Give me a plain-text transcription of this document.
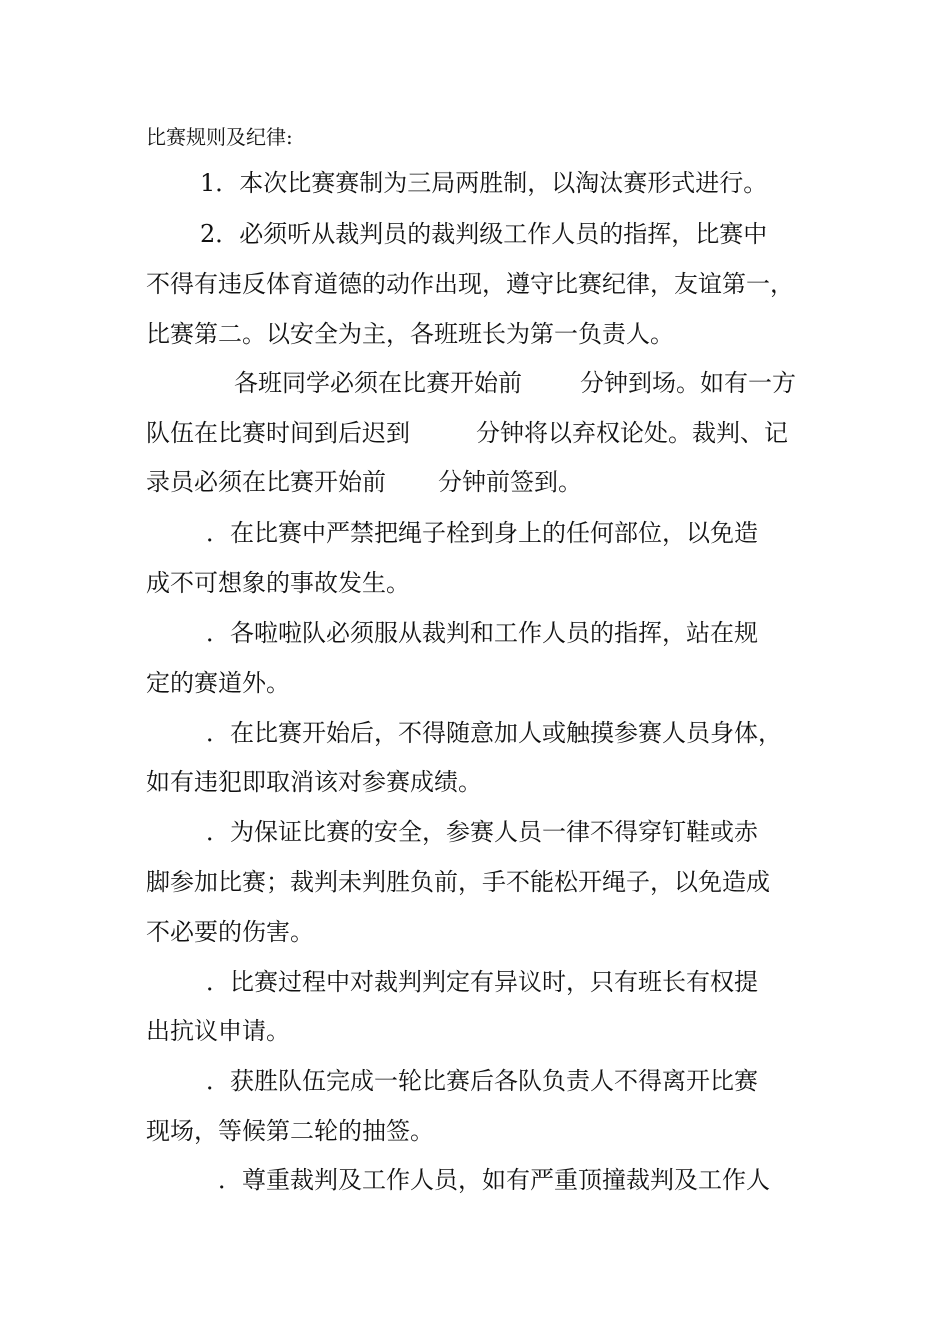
比赛规则及纪律:
1．本次比赛赛制为三局两胜制，以淘汰赛形式进行。
2．必须听从裁判员的裁判级工作人员的指挥，比赛中
不得有违反体育道德的动作出现，遵守比赛纪律，友谊第一，
比赛第二。以安全为主，各班班长为第一负责人。
各班同学必须在比赛开始前 分钟到场。如有一方
队伍在比赛时间到后迟到	分钟将以弃权论处。裁判、记
录员必须在比赛开始前 分钟前签到。
．在比赛中严禁把绳子栓到身上的任何部位，以免造
成不可想象的事故发生。
．各啦啦队必须服从裁判和工作人员的指挥，站在规
定的赛道外。
．在比赛开始后，不得随意加人或触摸参赛人员身体，
如有违犯即取消该对参赛成绩。
．为保证比赛的安全，参赛人员一律不得穿钉鞋或赤
脚参加比赛；裁判未判胜负前，手不能松开绳子，以免造成
不必要的伤害。
．比赛过程中对裁判判定有异议时，只有班长有权提
出抗议申请。
．获胜队伍完成一轮比赛后各队负责人不得离开比赛
现场，等候第二轮的抽签。
．尊重裁判及工作人员，如有严重顶撞裁判及工作人
